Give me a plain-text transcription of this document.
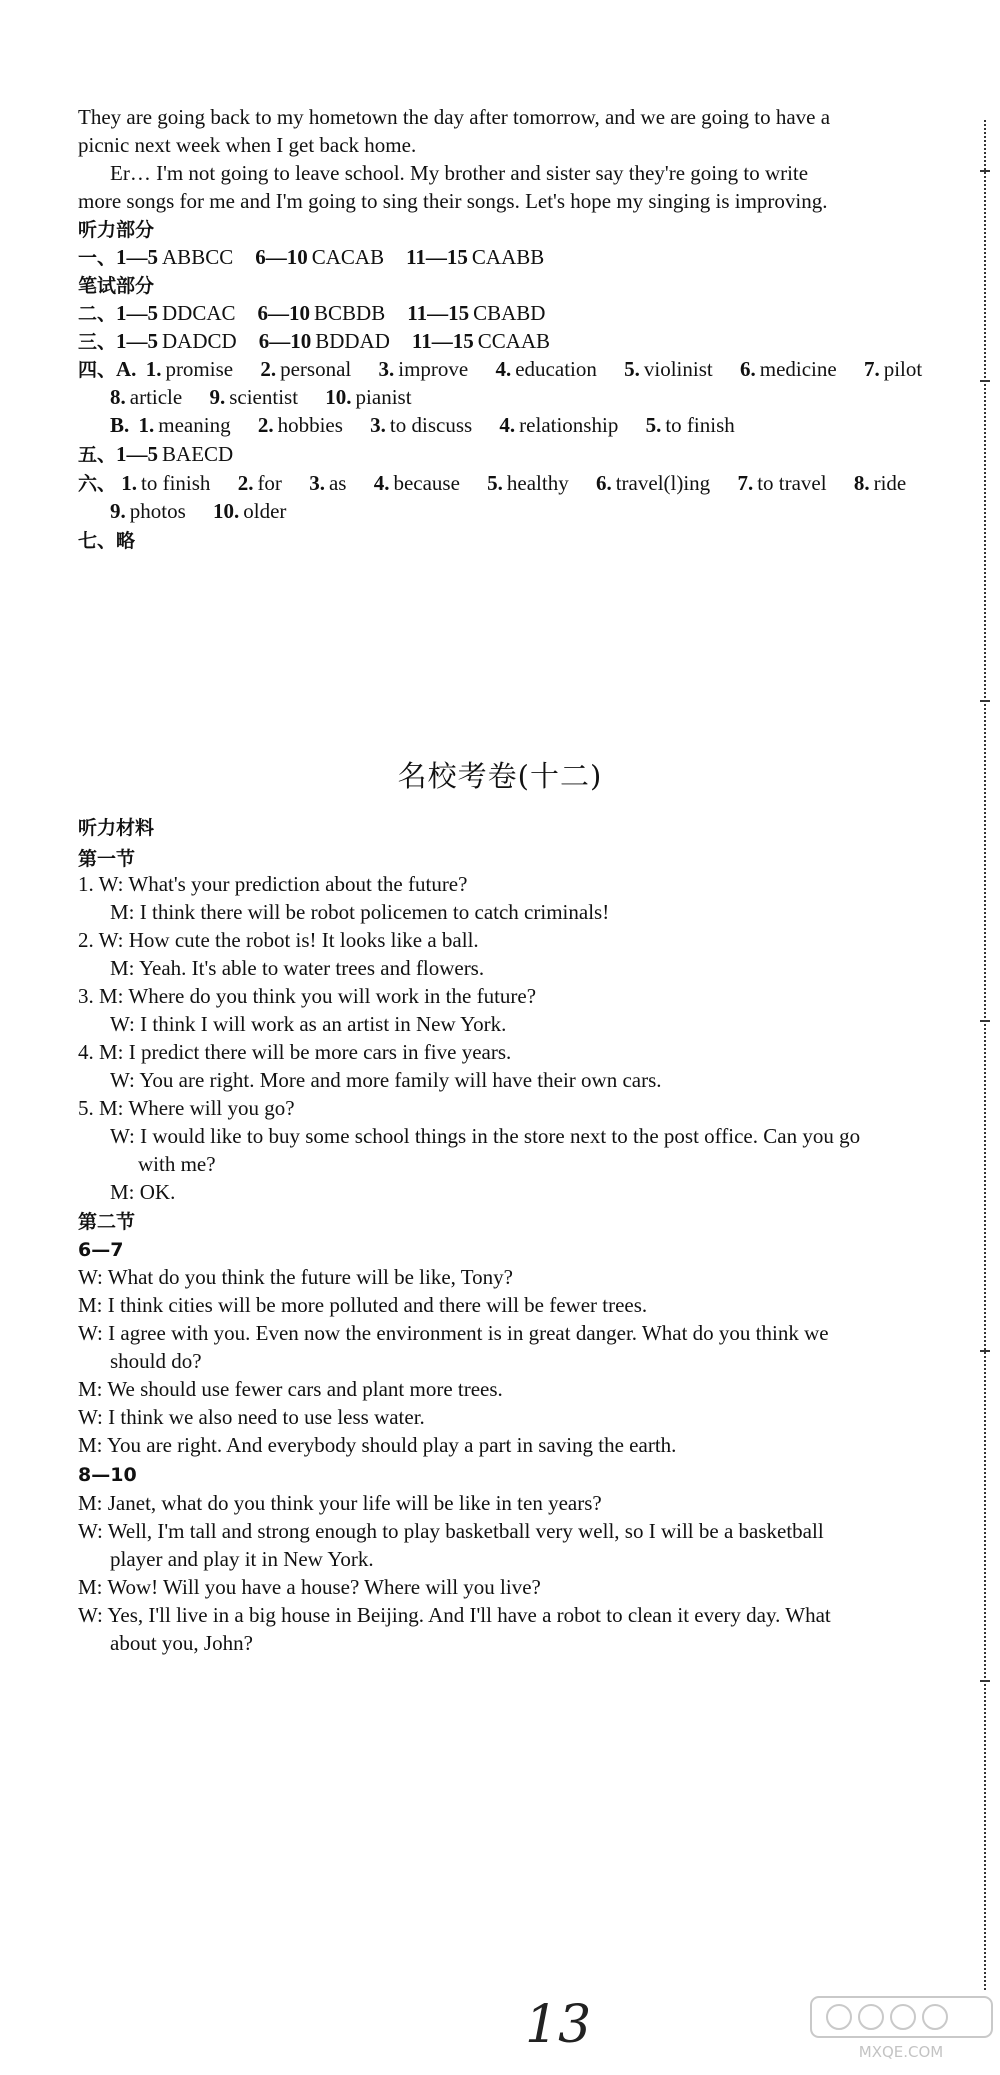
They are going back to my hometown the day after tomorrow, and we are going to have a
picnic next week when I get back home.
Er… I'm not going to leave school. My brother and sister say they're going to write
more songs for me and I'm going to sing their songs. Let's hope my singing is improving.
听力部分
一、1—5 ABBCC 6—10 CACAB 11—15 CAABB
笔试部分
二、1—5 DDCAC 6—10 BCBDB 11—15 CBABD
三、1—5 DADCD 6—10 BDDAD 11—15 CCAAB
四、A. 1. promise 2. personal 3. improve 4. education 5. violinist 6. medicine 7. pilot
8. article 9. scientist 10. pianist
B. 1. meaning 2. hobbies 3. to discuss 4. relationship 5. to finish
五、1—5 BAECD
六、 1. to finish 2. for 3. as 4. because 5. healthy 6. travel(l)ing 7. to travel 8. ride
9. photos 10. older
七、略
名校考卷(十二)
听力材料
第一节
1. W: What's your prediction about the future?
M: I think there will be robot policemen to catch criminals!
2. W: How cute the robot is! It looks like a ball.
M: Yeah. It's able to water trees and flowers.
3. M: Where do you think you will work in the future?
W: I think I will work as an artist in New York.
4. M: I predict there will be more cars in five years.
W: You are right. More and more family will have their own cars.
5. M: Where will you go?
W: I would like to buy some school things in the store next to the post office. Can you go
with me?
M: OK.
第二节
6—7
W: What do you think the future will be like, Tony?
M: I think cities will be more polluted and there will be fewer trees.
W: I agree with you. Even now the environment is in great danger. What do you think we
should do?
M: We should use fewer cars and plant more trees.
W: I think we also need to use less water.
M: You are right. And everybody should play a part in saving the earth.
8—10
M: Janet, what do you think your life will be like in ten years?
W: Well, I'm tall and strong enough to play basketball very well, so I will be a basketball
player and play it in New York.
M: Wow! Will you have a house? Where will you live?
W: Yes, I'll live in a big house in Beijing. And I'll have a robot to clean it every day. What
about you, John?
13	MXQE.COM
